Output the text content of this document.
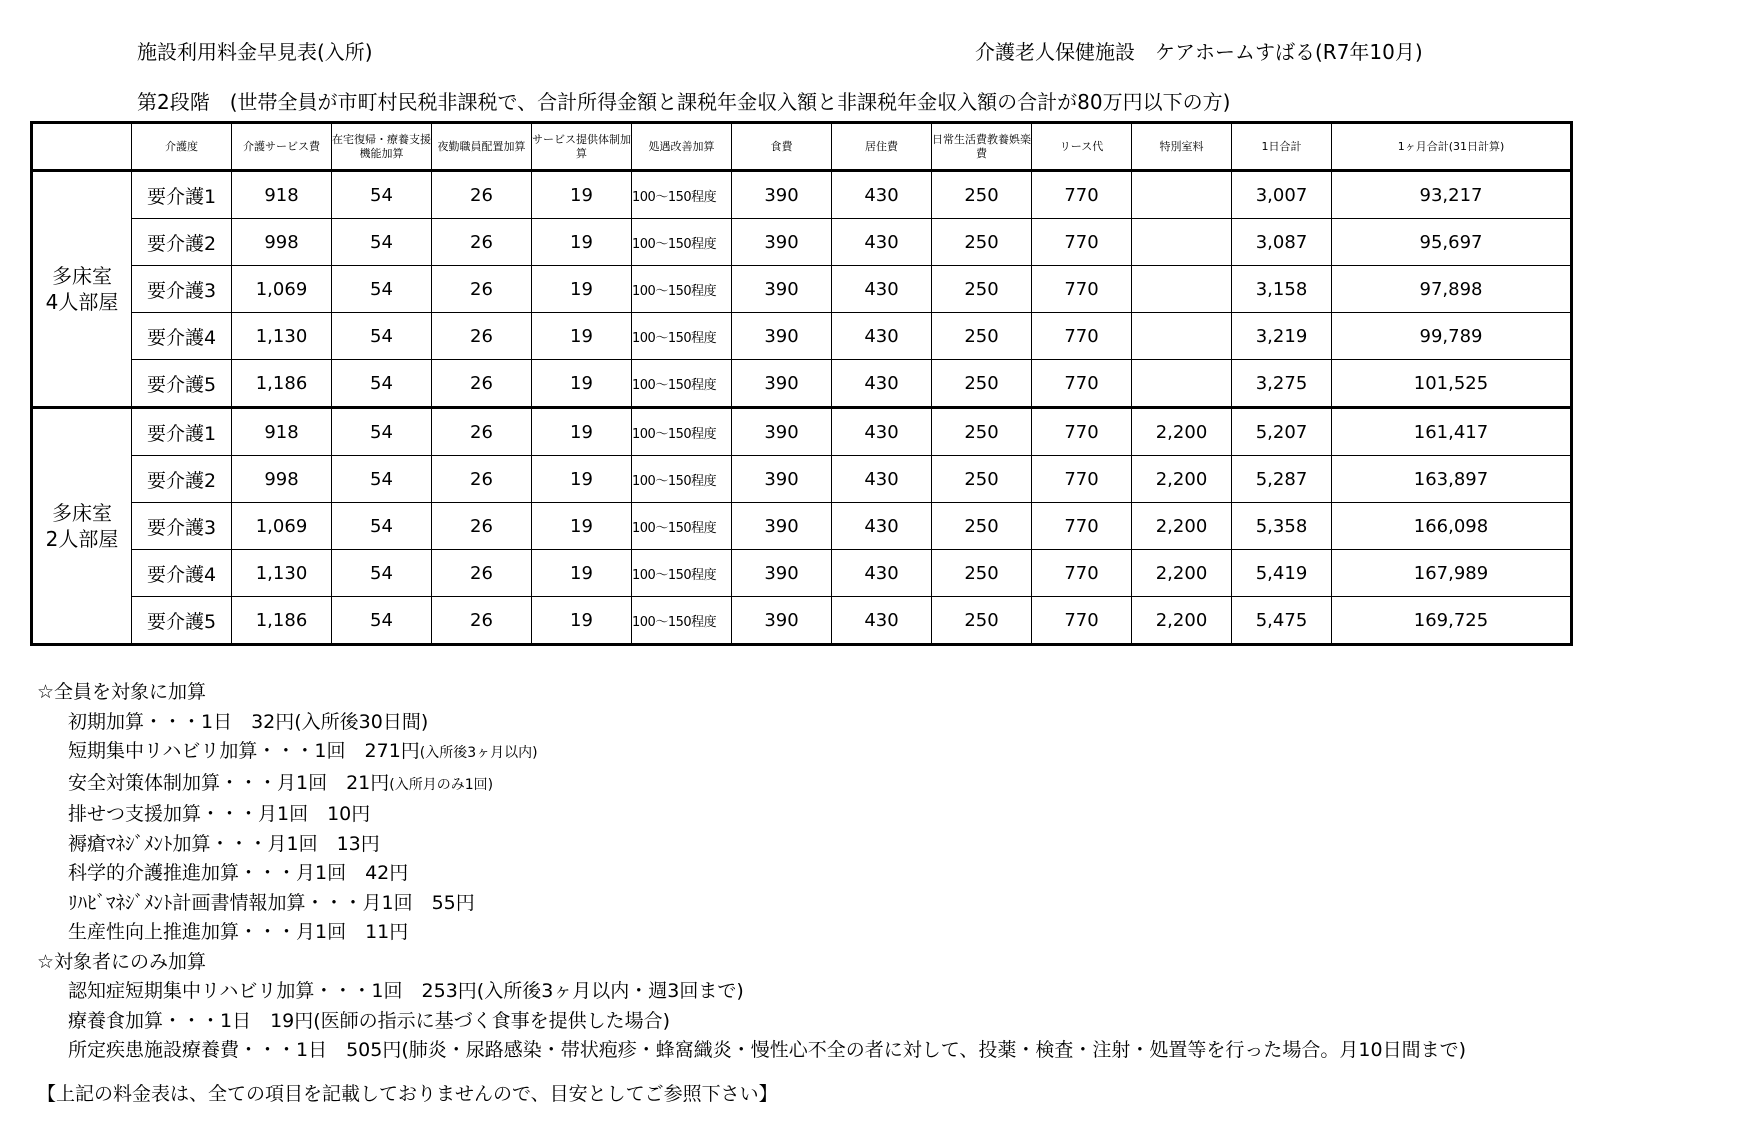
施設利用料金早見表(入所)	介護老人保健施設　ケアホームすばる(R7年10月)
第2段階　(世帯全員が市町村民税非課税で、合計所得金額と課税年金収入額と非課税年金収入額の合計が80万円以下の方)
	介護度	介護サービス費	在宅復帰・療養支援機能加算	夜勤職員配置加算	サービス提供体制加算	処遇改善加算	食費	居住費	日常生活費教養娯楽費	リース代	特別室料	1日合計	1ヶ月合計(31日計算)
多床室
4人部屋	要介護1	918	54	26	19	100～150程度	390	430	250	770		3,007	93,217
	要介護2	998	54	26	19	100～150程度	390	430	250	770		3,087	95,697
	要介護3	1,069	54	26	19	100～150程度	390	430	250	770		3,158	97,898
	要介護4	1,130	54	26	19	100～150程度	390	430	250	770		3,219	99,789
	要介護5	1,186	54	26	19	100～150程度	390	430	250	770		3,275	101,525
多床室
2人部屋	要介護1	918	54	26	19	100～150程度	390	430	250	770	2,200	5,207	161,417
	要介護2	998	54	26	19	100～150程度	390	430	250	770	2,200	5,287	163,897
	要介護3	1,069	54	26	19	100～150程度	390	430	250	770	2,200	5,358	166,098
	要介護4	1,130	54	26	19	100～150程度	390	430	250	770	2,200	5,419	167,989
	要介護5	1,186	54	26	19	100～150程度	390	430	250	770	2,200	5,475	169,725
☆全員を対象に加算
初期加算・・・1日　32円(入所後30日間)
短期集中リハビリ加算・・・1回　271円(入所後3ヶ月以内)
安全対策体制加算・・・月1回　21円(入所月のみ1回)
排せつ支援加算・・・月1回　10円
褥瘡ﾏﾈｼﾞﾒﾝﾄ加算・・・月1回　13円
科学的介護推進加算・・・月1回　42円
ﾘﾊﾋﾞﾏﾈｼﾞﾒﾝﾄ計画書情報加算・・・月1回　55円
生産性向上推進加算・・・月1回　11円
☆対象者にのみ加算
認知症短期集中リハビリ加算・・・1回　253円(入所後3ヶ月以内・週3回まで)
療養食加算・・・1日　19円(医師の指示に基づく食事を提供した場合)
所定疾患施設療養費・・・1日　505円(肺炎・尿路感染・帯状疱疹・蜂窩織炎・慢性心不全の者に対して、投薬・検査・注射・処置等を行った場合。月10日間まで)
【上記の料金表は、全ての項目を記載しておりませんので、目安としてご参照下さい】
